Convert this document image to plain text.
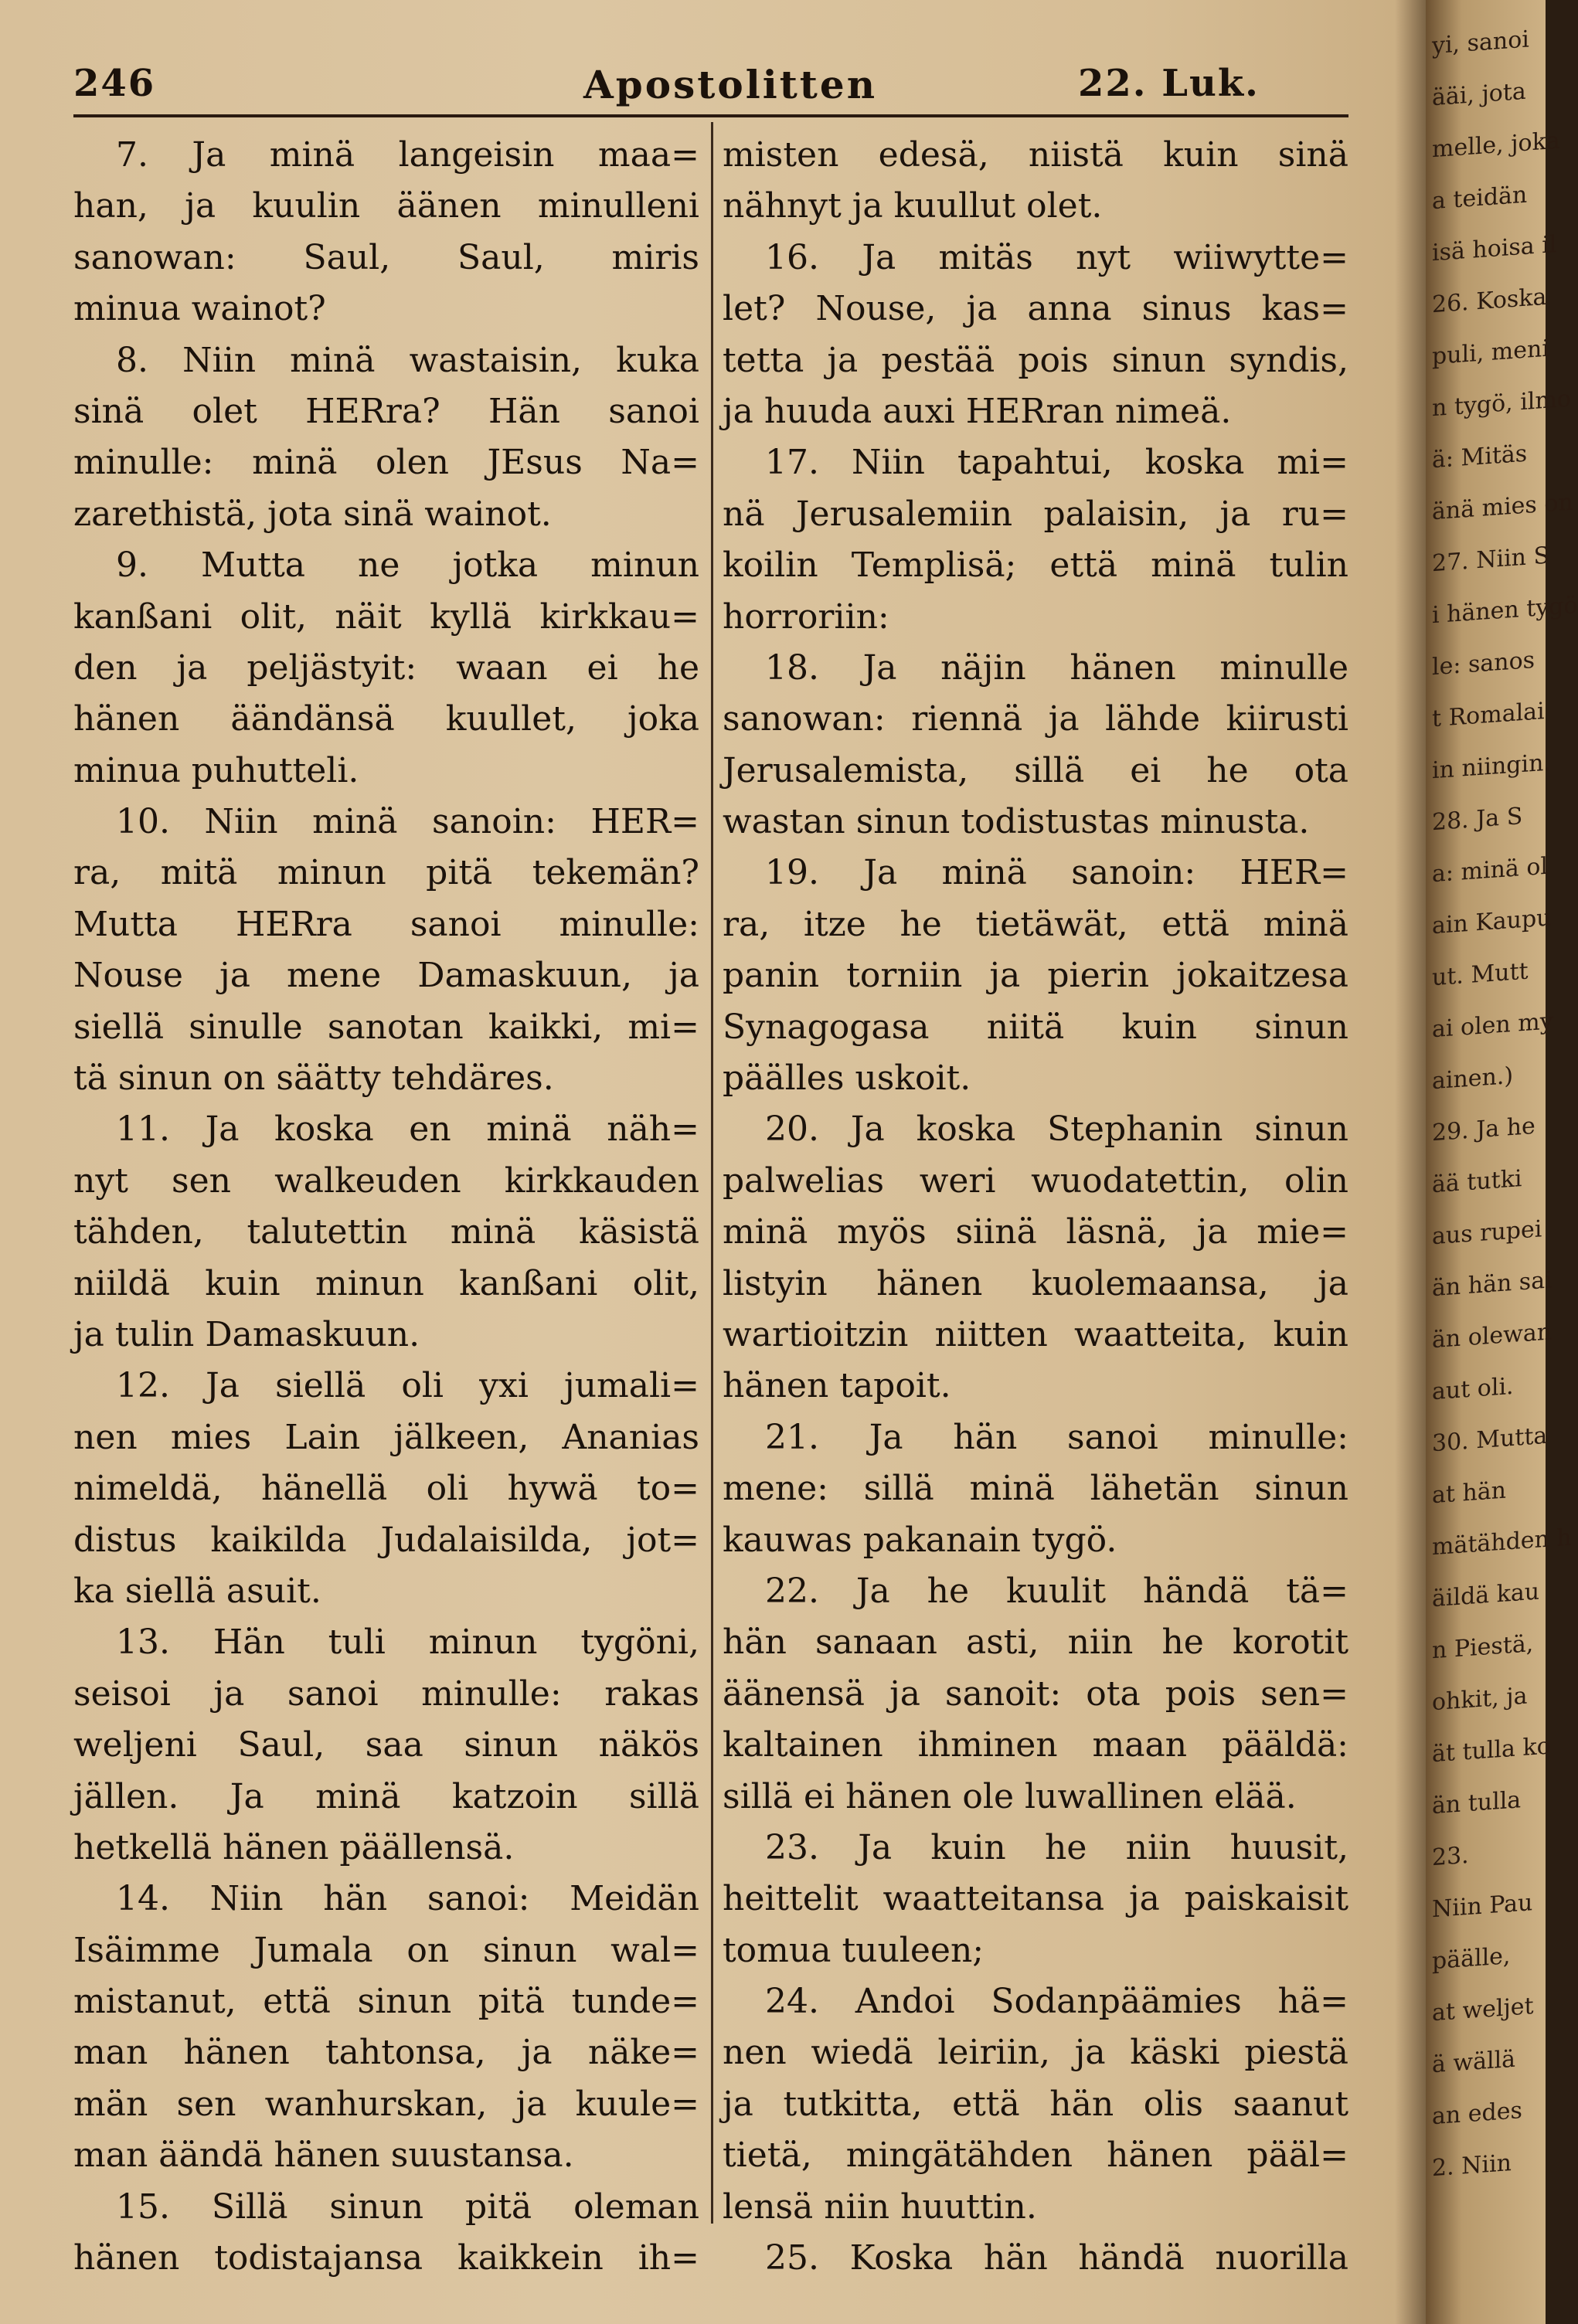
246	Apostolitten	22. Luk.
7. Ja minä langeisin maa=
han, ja kuulin äänen minulleni
sanowan: Saul, Saul, miris
minua wainot?
8. Niin minä wastaisin, kuka
sinä olet HERra? Hän sanoi
minulle: minä olen JEsus Na=
zarethistä, jota sinä wainot.
9. Mutta ne jotka minun
kanßani olit, näit kyllä kirkkau=
den ja peljästyit: waan ei he
hänen äändänsä kuullet, joka
minua puhutteli.
10. Niin minä sanoin: HER=
ra, mitä minun pitä tekemän?
Mutta HERra sanoi minulle:
Nouse ja mene Damaskuun, ja
siellä sinulle sanotan kaikki, mi=
tä sinun on säätty tehdäres.
11. Ja koska en minä näh=
nyt sen walkeuden kirkkauden
tähden, talutettin minä käsistä
niildä kuin minun kanßani olit,
ja tulin Damaskuun.
12. Ja siellä oli yxi jumali=
nen mies Lain jälkeen, Ananias
nimeldä, hänellä oli hywä to=
distus kaikilda Judalaisilda, jot=
ka siellä asuit.
13. Hän tuli minun tygöni,
seisoi ja sanoi minulle: rakas
weljeni Saul, saa sinun näkös
jällen. Ja minä katzoin sillä
hetkellä hänen päällensä.
14. Niin hän sanoi: Meidän
Isäimme Jumala on sinun wal=
mistanut, että sinun pitä tunde=
man hänen tahtonsa, ja näke=
män sen wanhurskan, ja kuule=
man äändä hänen suustansa.
15. Sillä sinun pitä oleman
hänen todistajansa kaikkein ih=
misten edesä, niistä kuin sinä
nähnyt ja kuullut olet.
16. Ja mitäs nyt wiiwytte=
let? Nouse, ja anna sinus kas=
tetta ja pestää pois sinun syndis,
ja huuda auxi HERran nimeä.
17. Niin tapahtui, koska mi=
nä Jerusalemiin palaisin, ja ru=
koilin Templisä; että minä tulin
horroriin:
18. Ja näjin hänen minulle
sanowan: riennä ja lähde kiirusti
Jerusalemista, sillä ei he ota
wastan sinun todistustas minusta.
19. Ja minä sanoin: HER=
ra, itze he tietäwät, että minä
panin torniin ja pierin jokaitzesa
Synagogasa niitä kuin sinun
päälles uskoit.
20. Ja koska Stephanin sinun
palwelias weri wuodatettin, olin
minä myös siinä läsnä, ja mie=
listyin hänen kuolemaansa, ja
wartioitzin niitten waatteita, kuin
hänen tapoit.
21. Ja hän sanoi minulle:
mene: sillä minä lähetän sinun
kauwas pakanain tygö.
22. Ja he kuulit händä tä=
hän sanaan asti, niin he korotit
äänensä ja sanoit: ota pois sen=
kaltainen ihminen maan pääldä:
sillä ei hänen ole luwallinen elää.
23. Ja kuin he niin huusit,
heittelit waatteitansa ja paiskaisit
tomua tuuleen;
24. Andoi Sodanpäämies hä=
nen wiedä leiriin, ja käski piestä
ja tutkitta, että hän olis saanut
tietä, mingätähden hänen pääl=
lensä niin huuttin.
25. Koska hän händä nuorilla
yi, sanoi
ääi, jota
melle, joka
a teidän
isä hoisa il
26. Koska
puli, meni
n tygö, ilmo
ä: Mitäs
änä mies on
27. Niin S
i hänen tygö
le: sanos
t Romalai
in niingin.
28. Ja S
a: minä ol
ain Kaupu
ut. Mutt
ai olen my
ainen.)
29. Ja he
ää tutki
aus rupei
än hän sai
än olewan
aut oli.
30. Mutta
at hän
mätähden h
äildä kau
n Piestä,
ohkit, ja
ät tulla ko
än tulla
23.
Niin Pau
päälle,
at weljet
ä wällä
an edes
2. Niin
